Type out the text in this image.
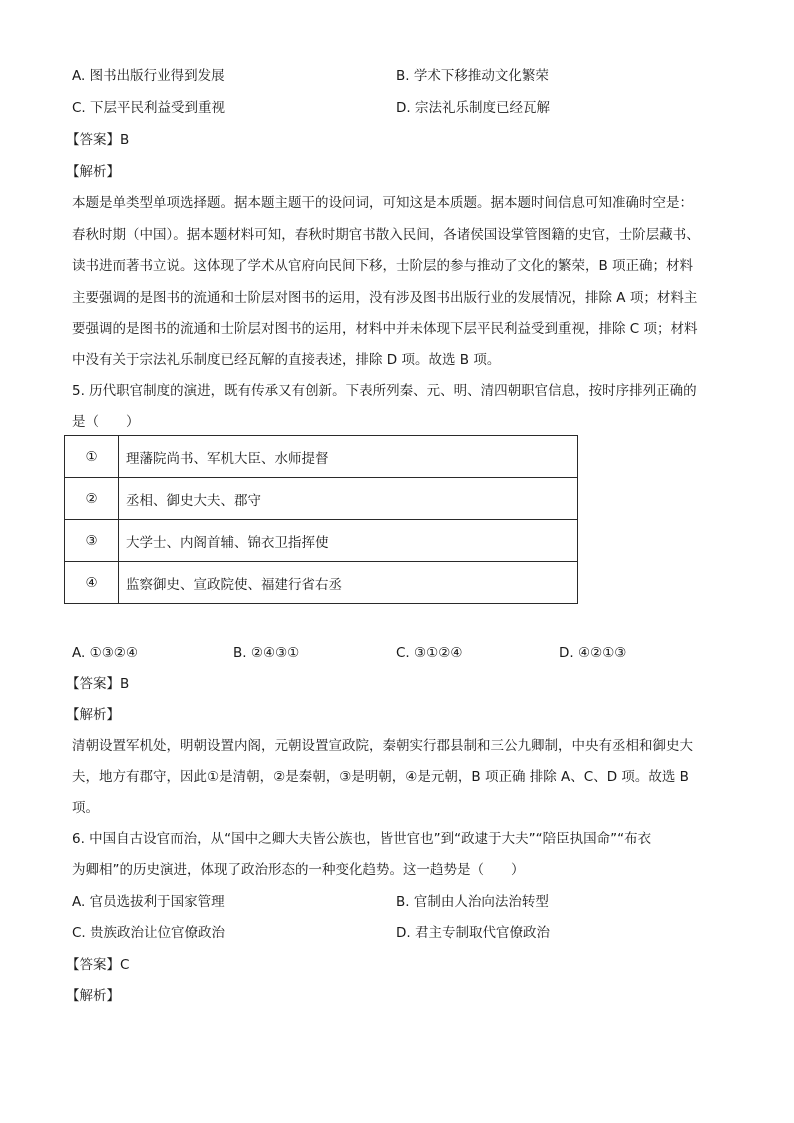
A. 图书出版行业得到发展	B. 学术下移推动文化繁荣
C. 下层平民利益受到重视	D. 宗法礼乐制度已经瓦解
【答案】B
【解析】
本题是单类型单项选择题。据本题主题干的设问词，可知这是本质题。据本题时间信息可知准确时空是：
春秋时期（中国）。据本题材料可知，春秋时期官书散入民间，各诸侯国设掌管图籍的史官，士阶层藏书、
读书进而著书立说。这体现了学术从官府向民间下移，士阶层的参与推动了文化的繁荣，B 项正确；材料
主要强调的是图书的流通和士阶层对图书的运用，没有涉及图书出版行业的发展情况，排除 A 项；材料主
要强调的是图书的流通和士阶层对图书的运用，材料中并未体现下层平民利益受到重视，排除 C 项；材料
中没有关于宗法礼乐制度已经瓦解的直接表述，排除 D 项。故选 B 项。
5. 历代职官制度的演进，既有传承又有创新。下表所列秦、元、明、清四朝职官信息，按时序排列正确的
是（　　）
①	理藩院尚书、军机大臣、水师提督
②	丞相、御史大夫、郡守
③	大学士、内阁首辅、锦衣卫指挥使
④	监察御史、宣政院使、福建行省右丞
A. ①③②④	B. ②④③①	C. ③①②④	D. ④②①③
【答案】B
【解析】
清朝设置军机处，明朝设置内阁，元朝设置宣政院，秦朝实行郡县制和三公九卿制，中央有丞相和御史大
夫，地方有郡守，因此①是清朝，②是秦朝，③是明朝，④是元朝，B 项正确 排除 A、C、D 项。故选 B
项。
6. 中国自古设官而治，从“国中之卿大夫皆公族也，皆世官也”到“政逮于大夫”“陪臣执国命”“布衣
为卿相”的历史演进，体现了政治形态的一种变化趋势。这一趋势是（　　）
A. 官员选拔利于国家管理	B. 官制由人治向法治转型
C. 贵族政治让位官僚政治	D. 君主专制取代官僚政治
【答案】C
【解析】
